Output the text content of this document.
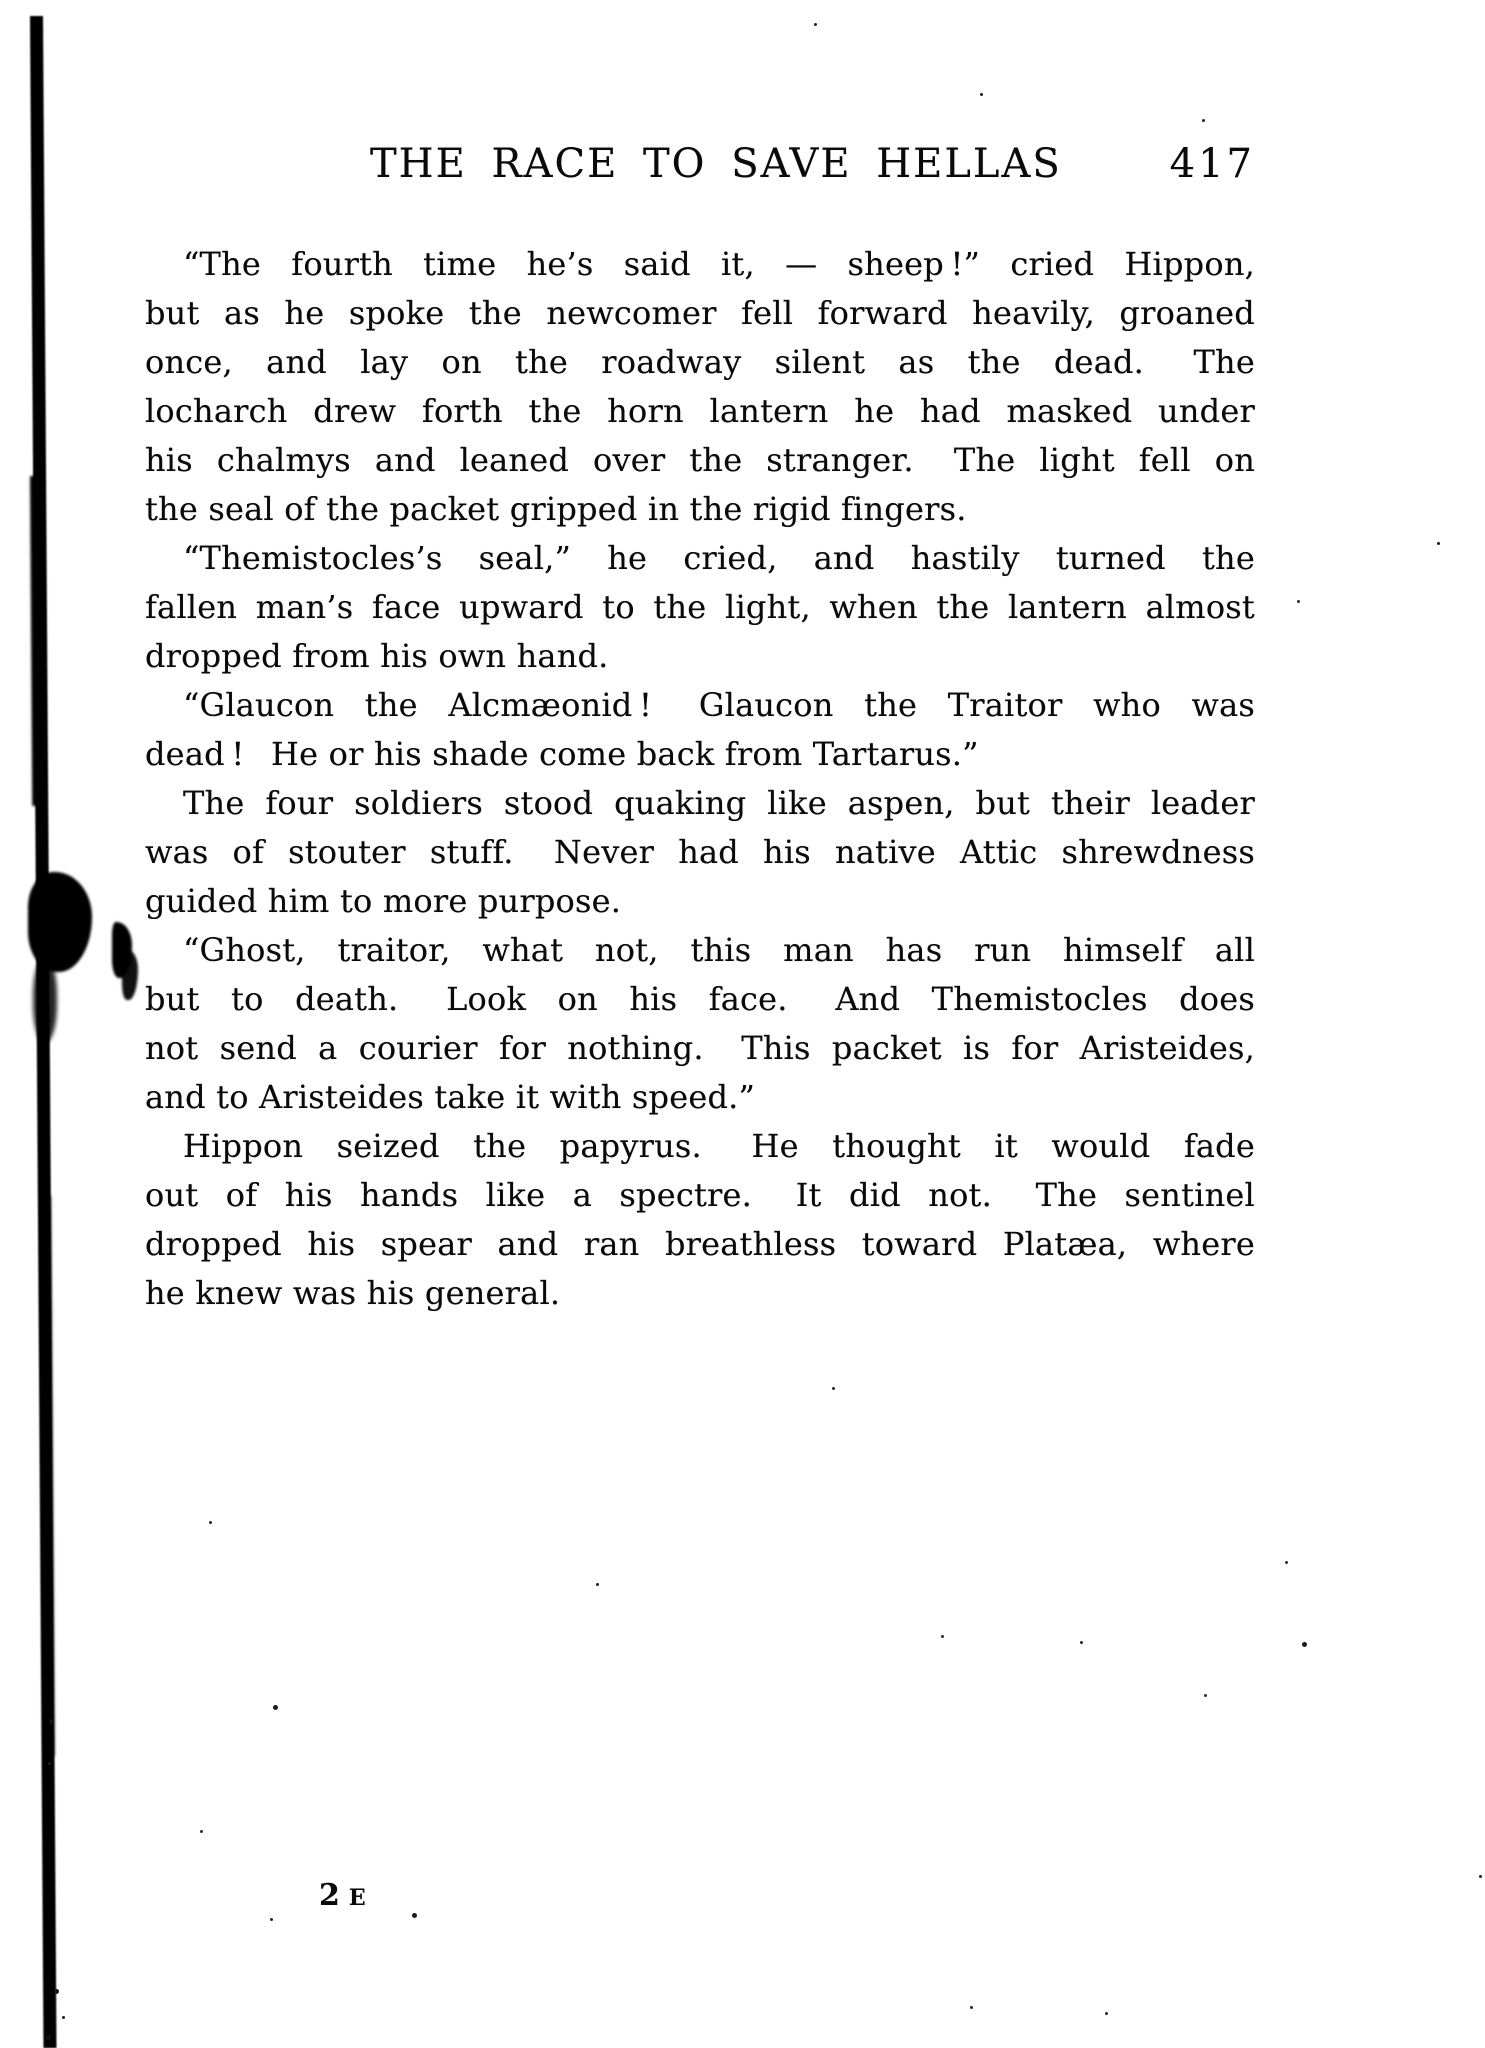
THE RACE TO SAVE HELLAS	417
“The fourth time he’s said it, — sheep !” cried Hippon,
but as he spoke the newcomer fell forward heavily, groaned
once, and lay on the roadway silent as the dead.  The
locharch drew forth the horn lantern he had masked under
his chalmys and leaned over the stranger.  The light fell on
the seal of the packet gripped in the rigid fingers.
“Themistocles’s seal,” he cried, and hastily turned the
fallen man’s face upward to the light, when the lantern almost
dropped from his own hand.
“Glaucon the Alcmæonid !  Glaucon the Traitor who was
dead !  He or his shade come back from Tartarus.”
The four soldiers stood quaking like aspen, but their leader
was of stouter stuff.  Never had his native Attic shrewdness
guided him to more purpose.
“Ghost, traitor, what not, this man has run himself all
but to death.  Look on his face.  And Themistocles does
not send a courier for nothing.  This packet is for Aristeides,
and to Aristeides take it with speed.”
Hippon seized the papyrus.  He thought it would fade
out of his hands like a spectre.  It did not.  The sentinel
dropped his spear and ran breathless toward Platæa, where
he knew was his general.
2 E
